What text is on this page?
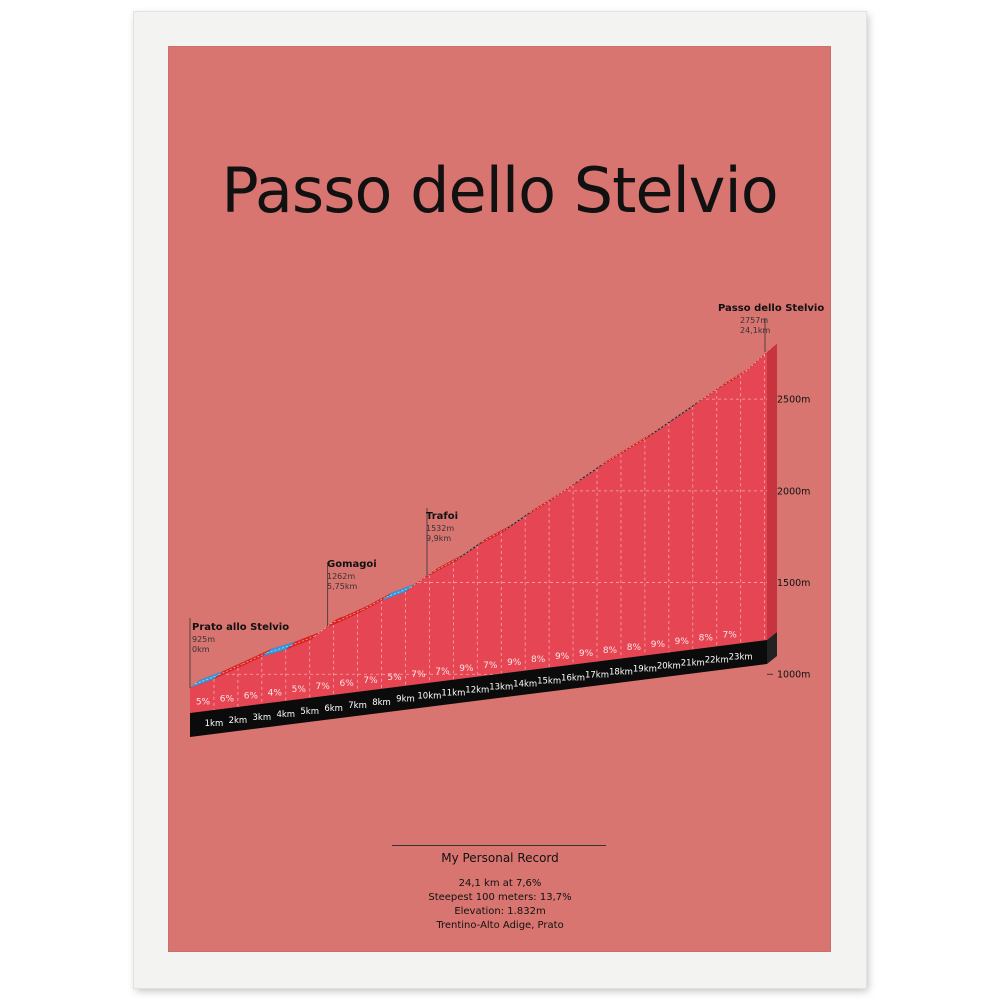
Passo dello Stelvio
1000m
1500m
2000m
2500m
5% 6% 6% 4% 5% 7% 6% 7% 5% 7% 7% 9% 7% 9% 8% 9% 9% 8% 8% 9% 9% 8% 7%
1km 2km 3km 4km 5km 6km 7km 8km 9km 10km 11km 12km 13km 14km 15km 16km 17km 18km 19km 20km 21km 22km 23km
Prato allo Stelvio
925m
0km
Gomagoi
1262m
5,75km
Trafoi
1532m
9,9km
Passo dello Stelvio
2757m
24,1km
My Personal Record
24,1 km at 7,6%
Steepest 100 meters: 13,7%
Elevation: 1.832m
Trentino-Alto Adige, Prato
